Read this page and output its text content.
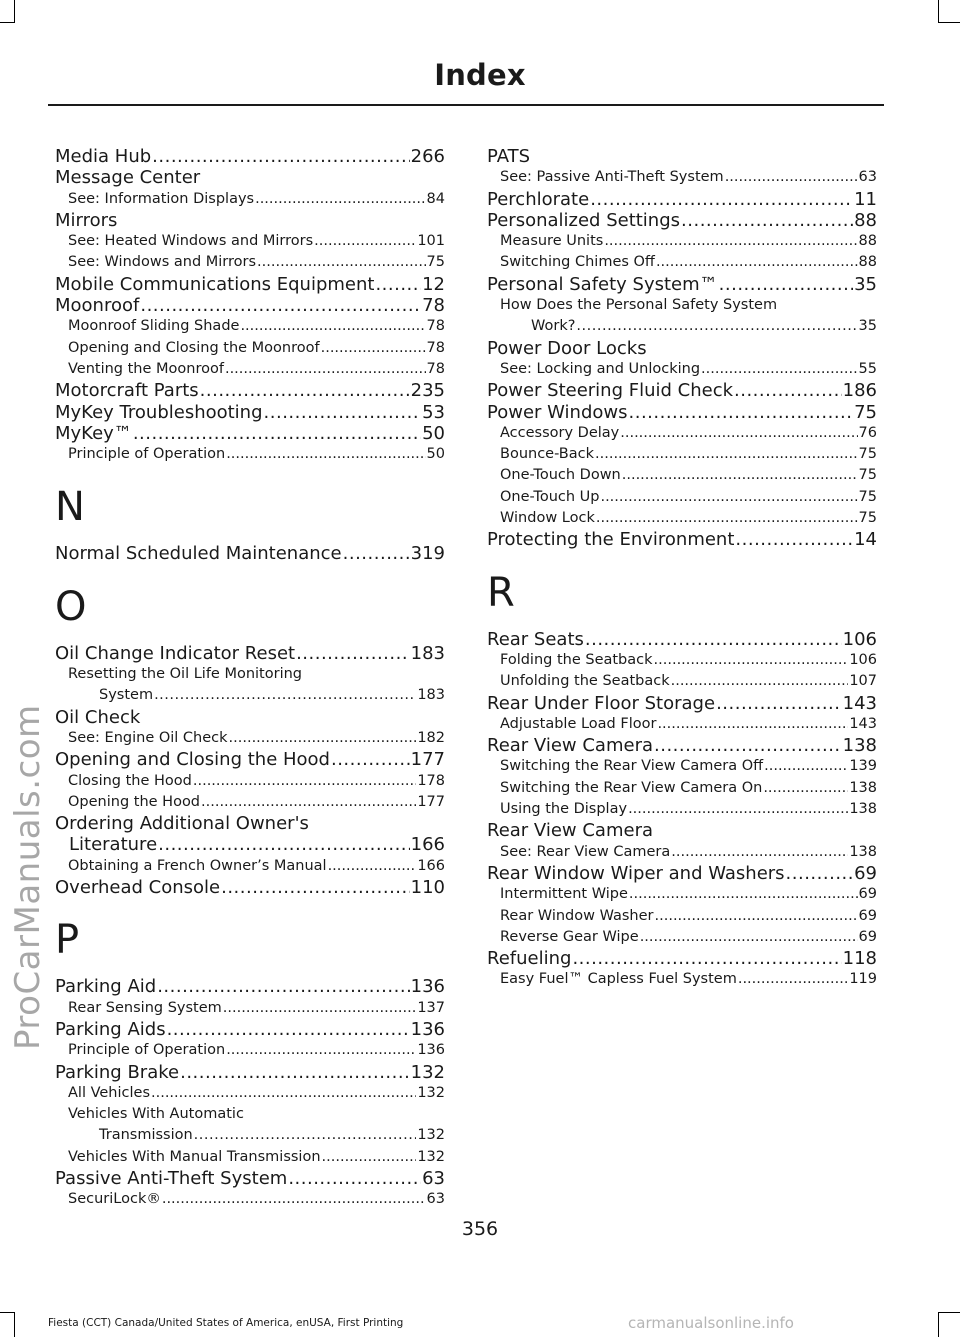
Index
ProCarManuals.com
Media Hub .....	266
Message Center
See: Information Displays .....	84
Mirrors
See: Heated Windows and Mirrors .....	101
See: Windows and Mirrors .....	75
Mobile Communications Equipment .....	12
Moonroof .....	78
Moonroof Sliding Shade .....	78
Opening and Closing the Moonroof .....	78
Venting the Moonroof .....	78
Motorcraft Parts .....	235
MyKey Troubleshooting .....	53
MyKey™ .....	50
Principle of Operation .....	50
N
Normal Scheduled Maintenance .....	319
O
Oil Change Indicator Reset .....	183
Resetting the Oil Life Monitoring
System .....	183
Oil Check
See: Engine Oil Check .....	182
Opening and Closing the Hood .....	177
Closing the Hood .....	178
Opening the Hood .....	177
Ordering Additional Owner's
Literature .....	166
Obtaining a French Owner’s Manual .....	166
Overhead Console .....	110
P
Parking Aid .....	136
Rear Sensing System .....	137
Parking Aids .....	136
Principle of Operation .....	136
Parking Brake .....	132
All Vehicles .....	132
Vehicles With Automatic
Transmission .....	132
Vehicles With Manual Transmission .....	132
Passive Anti-Theft System .....	63
SecuriLock® .....	63
PATS
See: Passive Anti-Theft System .....	63
Perchlorate .....	11
Personalized Settings .....	88
Measure Units .....	88
Switching Chimes Off .....	88
Personal Safety System™ .....	35
How Does the Personal Safety System
Work? .....	35
Power Door Locks
See: Locking and Unlocking .....	55
Power Steering Fluid Check .....	186
Power Windows .....	75
Accessory Delay .....	76
Bounce-Back .....	75
One-Touch Down .....	75
One-Touch Up .....	75
Window Lock .....	75
Protecting the Environment .....	14
R
Rear Seats .....	106
Folding the Seatback .....	106
Unfolding the Seatback .....	107
Rear Under Floor Storage .....	143
Adjustable Load Floor .....	143
Rear View Camera .....	138
Switching the Rear View Camera Off .....	139
Switching the Rear View Camera On .....	138
Using the Display .....	138
Rear View Camera
See: Rear View Camera .....	138
Rear Window Wiper and Washers .....	69
Intermittent Wipe .....	69
Rear Window Washer .....	69
Reverse Gear Wipe .....	69
Refueling .....	118
Easy Fuel™ Capless Fuel System .....	119
356
Fiesta (CCT) Canada/United States of America, enUSA, First Printing	carmanualsonline.info
